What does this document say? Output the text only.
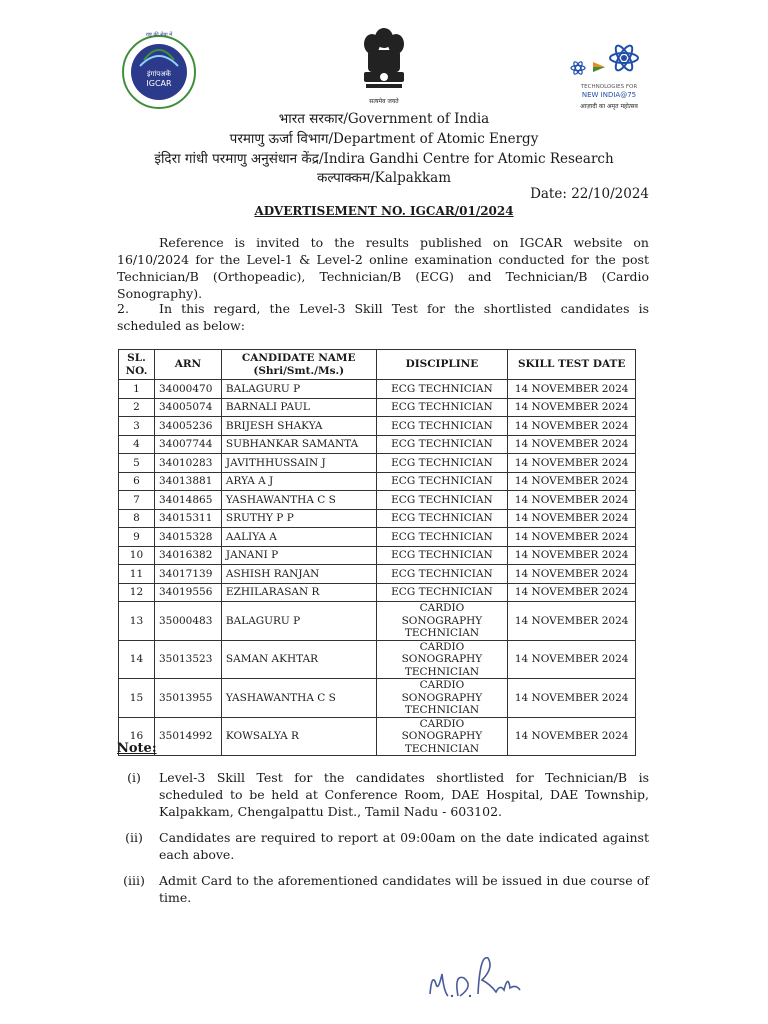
इंगांपअकें
IGCAR
राष्ट्र की सेवा में
सत्यमेव जयते
TECHNOLOGIES FOR
NEW INDIA@75
आज़ादी का अमृत महोत्सव
भारत सरकार/Government of India
परमाणु ऊर्जा विभाग/Department of Atomic Energy
इंदिरा गांधी परमाणु अनुसंधान केंद्र/Indira Gandhi Centre for Atomic Research
कल्पाक्कम/Kalpakkam
Date: 22/10/2024
ADVERTISEMENT NO. IGCAR/01/2024
Reference is invited to the results published on IGCAR website on 16/10/2024 for the Level-1 & Level-2 online examination conducted for the post Technician/B (Orthopeadic), Technician/B (ECG) and Technician/B (Cardio Sonography).
2. In this regard, the Level-3 Skill Test for the shortlisted candidates is scheduled as below:
SL. NO.	ARN	CANDIDATE NAME (Shri/Smt./Ms.)	DISCIPLINE	SKILL TEST DATE
1	34000470	BALAGURU P	ECG TECHNICIAN	14 NOVEMBER 2024
2	34005074	BARNALI PAUL	ECG TECHNICIAN	14 NOVEMBER 2024
3	34005236	BRIJESH SHAKYA	ECG TECHNICIAN	14 NOVEMBER 2024
4	34007744	SUBHANKAR SAMANTA	ECG TECHNICIAN	14 NOVEMBER 2024
5	34010283	JAVITHHUSSAIN J	ECG TECHNICIAN	14 NOVEMBER 2024
6	34013881	ARYA A J	ECG TECHNICIAN	14 NOVEMBER 2024
7	34014865	YASHAWANTHA C S	ECG TECHNICIAN	14 NOVEMBER 2024
8	34015311	SRUTHY P P	ECG TECHNICIAN	14 NOVEMBER 2024
9	34015328	AALIYA A	ECG TECHNICIAN	14 NOVEMBER 2024
10	34016382	JANANI P	ECG TECHNICIAN	14 NOVEMBER 2024
11	34017139	ASHISH RANJAN	ECG TECHNICIAN	14 NOVEMBER 2024
12	34019556	EZHILARASAN R	ECG TECHNICIAN	14 NOVEMBER 2024
13	35000483	BALAGURU P	CARDIO SONOGRAPHY TECHNICIAN	14 NOVEMBER 2024
14	35013523	SAMAN AKHTAR	CARDIO SONOGRAPHY TECHNICIAN	14 NOVEMBER 2024
15	35013955	YASHAWANTHA C S	CARDIO SONOGRAPHY TECHNICIAN	14 NOVEMBER 2024
16	35014992	KOWSALYA R	CARDIO SONOGRAPHY TECHNICIAN	14 NOVEMBER 2024
Note:
(i)	Level-3 Skill Test for the candidates shortlisted for Technician/B is scheduled to be held at Conference Room, DAE Hospital, DAE Township, Kalpakkam, Chengalpattu Dist., Tamil Nadu - 603102.
(ii)	Candidates are required to report at 09:00am on the date indicated against each above.
(iii)	Admit Card to the aforementioned candidates will be issued in due course of time.
